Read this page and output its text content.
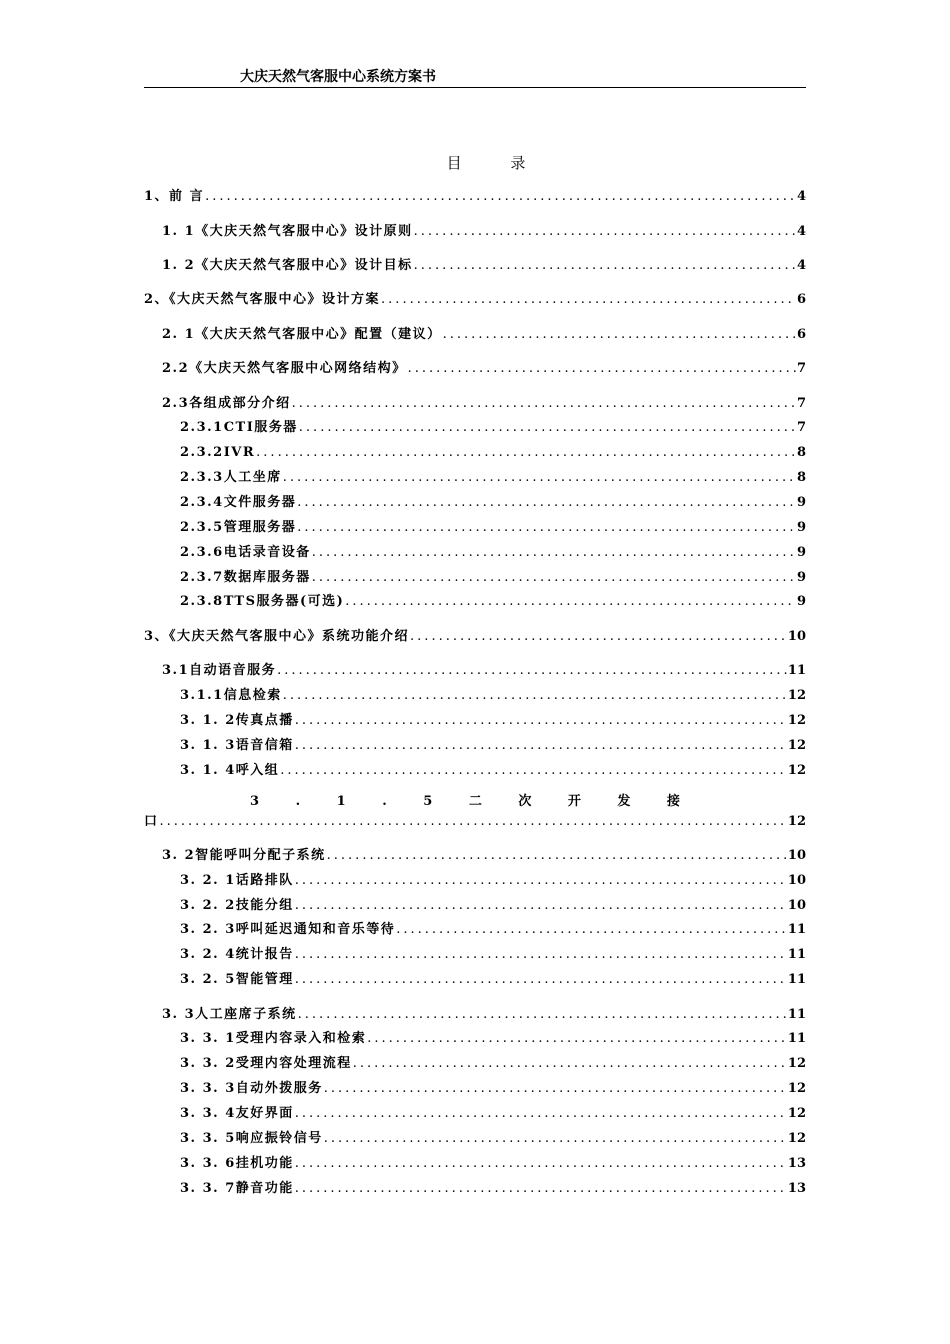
大庆天然气客服中心系统方案书
目 录
1、前 言 .....	4
1. 1《大庆天然气客服中心》设计原则 .....	4
1. 2《大庆天然气客服中心》设计目标 .....	4
2、《大庆天然气客服中心》设计方案 .....	6
2. 1《大庆天然气客服中心》配置（建议） .....	6
2.2《大庆天然气客服中心网络结构》 .....	7
2.3各组成部分介绍 .....	7
2.3.1CTI服务器 .....	7
2.3.2IVR .....	8
2.3.3人工坐席 .....	8
2.3.4文件服务器 .....	9
2.3.5管理服务器 .....	9
2.3.6电话录音设备 .....	9
2.3.7数据库服务器 .....	9
2.3.8TTS服务器(可选) .....	9
3、《大庆天然气客服中心》系统功能介绍 .....	10
3.1自动语音服务 .....	11
3.1.1信息检索 .....	12
3. 1. 2传真点播 .....	12
3. 1. 3语音信箱 .....	12
3. 1. 4呼入组 .....	12
3 . 1 . 5 二 次 开 发 接
口 .....	12
3. 2智能呼叫分配子系统 .....	10
3. 2. 1话路排队 .....	10
3. 2. 2技能分组 .....	10
3. 2. 3呼叫延迟通知和音乐等待 .....	11
3. 2. 4统计报告 .....	11
3. 2. 5智能管理 .....	11
3. 3人工座席子系统 .....	11
3. 3. 1受理内容录入和检索 .....	11
3. 3. 2受理内容处理流程 .....	12
3. 3. 3自动外拨服务 .....	12
3. 3. 4友好界面 .....	12
3. 3. 5响应振铃信号 .....	12
3. 3. 6挂机功能 .....	13
3. 3. 7静音功能 .....	13
